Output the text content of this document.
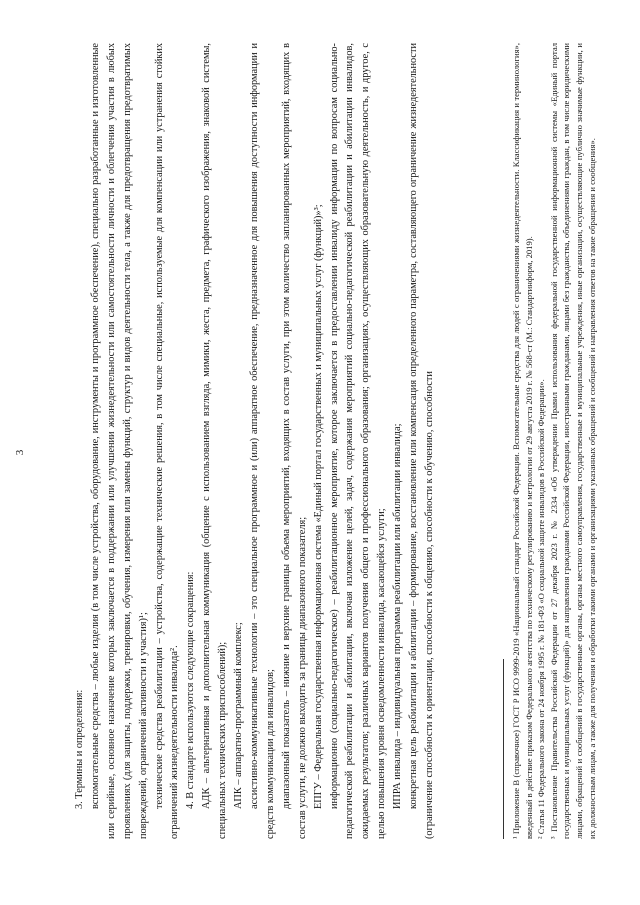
3

3. Термины и определения: вспомогательные средства – любые изделия (в том числе устройства, оборудование, инструменты и программное обеспечение), специально разработанные и изготовленные или серийные, основное назначение которых заключается в поддержании или улучшении жизнедеятельности или самостоятельности личности и облегчения участия в любых проявлениях (для защиты, поддержки, тренировки, обучения, измерения или замены функций, структур и видов деятельности тела, а также для предотвращения предотвратимых повреждений, ограничений активности и участия)¹; технические средства реабилитации – устройства, содержащие технические решения, в том числе специальные, используемые для компенсации или устранения стойких ограничений жизнедеятельности инвалида². 4. В стандарте используются следующие сокращения: АДК – альтернативная и дополнительная коммуникация (общение с использованием взгляда, мимики, жеста, предмета, графического изображения, знаковой системы, специальных технических приспособлений); АПК – аппаратно-программный комплекс; ассистивно-коммуникативные технологии – это специальное программное и (или) аппаратное обеспечение, предназначенное для повышения доступности информации и средств коммуникации для инвалидов; диапазонный показатель – нижние и верхние границы объема мероприятий, входящих в состав услуги, при этом количество запланированных мероприятий, входящих в состав услуги, не должно выходить за границы диапазонного показателя; ЕПГУ – Федеральная государственная информационная система «Единый портал государственных и муниципальных услуг (функций)»³; информационно (социально-педагогическое) – реабилитационное мероприятие, которое заключается в предоставлении инвалиду информации по вопросам социально-педагогической реабилитации и абилитации, включая изложение целей, задач, содержания мероприятий социально-педагогической реабилитации и абилитации инвалидов, ожидаемых результатов; различных вариантов получения общего и профессионального образования; организациях, осуществляющих образовательную деятельность, и другое, с целью повышения уровня осведомленности инвалида, касающейся услуги; ИПРА инвалида – индивидуальная программа реабилитации или абилитации инвалида; конкретная цель реабилитации и абилитации – формирование, восстановление или компенсация определенного параметра, составляющего ограничение жизнедеятельности (ограничение способности к ориентации, способности к общению, способности к обучению, способности	¹ Приложение В (справочное) ГОСТ Р ИСО 9999-2019 «Национальный стандарт Российской Федерации. Вспомогательные средства для людей с ограничениями жизнедеятельности. Классификация и терминология», введенный в действие приказом Федерального агентства по техническому регулированию и метрологии от 29 августа 2019 г. № 568-ст (М.: Стандартинформ, 2019). ² Статья 11 Федерального закона от 24 ноября 1995 г. № 181-ФЗ «О социальной защите инвалидов в Российской Федерации». ³ Постановление Правительства Российской Федерации от 27 декабря 2023 г. № 2334 «Об утверждении Правил использования федеральной государственной информационной системы «Единый портал государственных и муниципальных услуг (функций)» для направления гражданами Российской Федерации, иностранными гражданами, лицами без гражданства, объединениями граждан, в том числе юридическими лицами, обращений и сообщений в государственные органы, органы местного самоуправления, государственные и муниципальные учреждения, иные организации, осуществляющие публично значимые функции, и их должностным лицам, а также для получения и обработки такими органами и организациями указанных обращений и сообщений и направления ответов на такие обращения и сообщения».
